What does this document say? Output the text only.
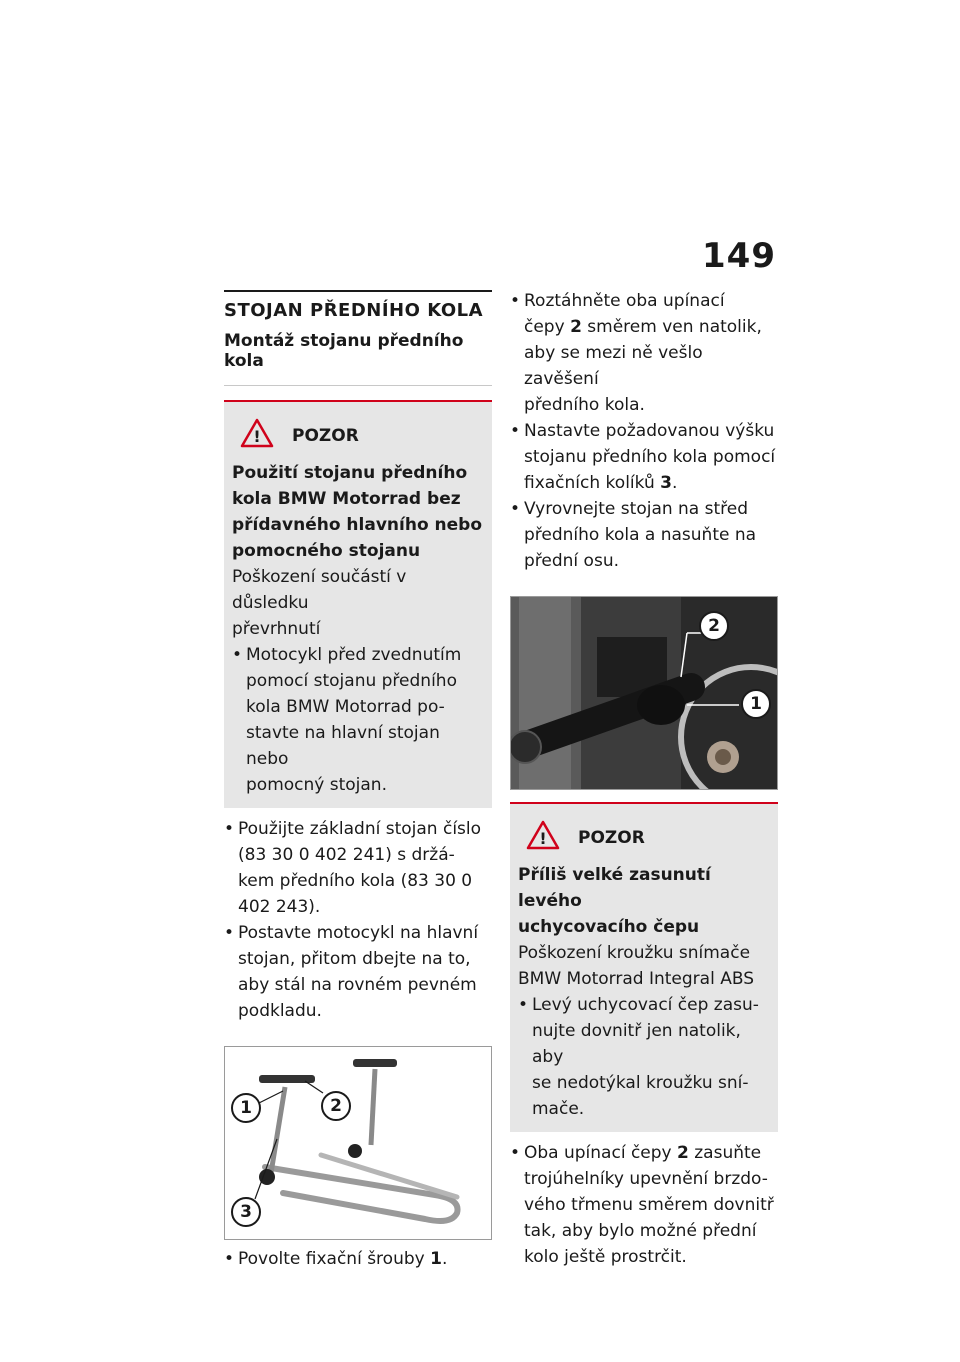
149
STOJAN PŘEDNÍHO KOLA
Montáž stojanu předního kola
! POZOR
Použití stojanu předního
kola BMW Motorrad bez
přídavného hlavního nebo
pomocného stojanu
Poškození součástí v důsledku
převrhnutí
• Motocykl před zvednutím
pomocí stojanu předního
kola BMW Motorrad po-
stavte na hlavní stojan nebo
pomocný stojan.
• Použijte základní stojan číslo
(83 30 0 402 241) s držá-
kem předního kola (83 30 0
402 243).
• Postavte motocykl na hlavní
stojan, přitom dbejte na to,
aby stál na rovném pevném
podkladu.
1	2
3
• Povolte fixační šrouby 1.
• Roztáhněte oba upínací
čepy 2 směrem ven natolik,
aby se mezi ně vešlo zavěšení
předního kola.
• Nastavte požadovanou výšku
stojanu předního kola pomocí
fixačních kolíků 3.
• Vyrovnejte stojan na střed
předního kola a nasuňte na
přední osu.
2
1
! POZOR
Příliš velké zasunutí levého
uchycovacího čepu
Poškození kroužku snímače
BMW Motorrad Integral ABS
• Levý uchycovací čep zasu-
nujte dovnitř jen natolik, aby
se nedotýkal kroužku sní-
mače.
• Oba upínací čepy 2 zasuňte
trojúhelníky upevnění brzdo-
vého třmenu směrem dovnitř
tak, aby bylo možné přední
kolo ještě prostrčit.
